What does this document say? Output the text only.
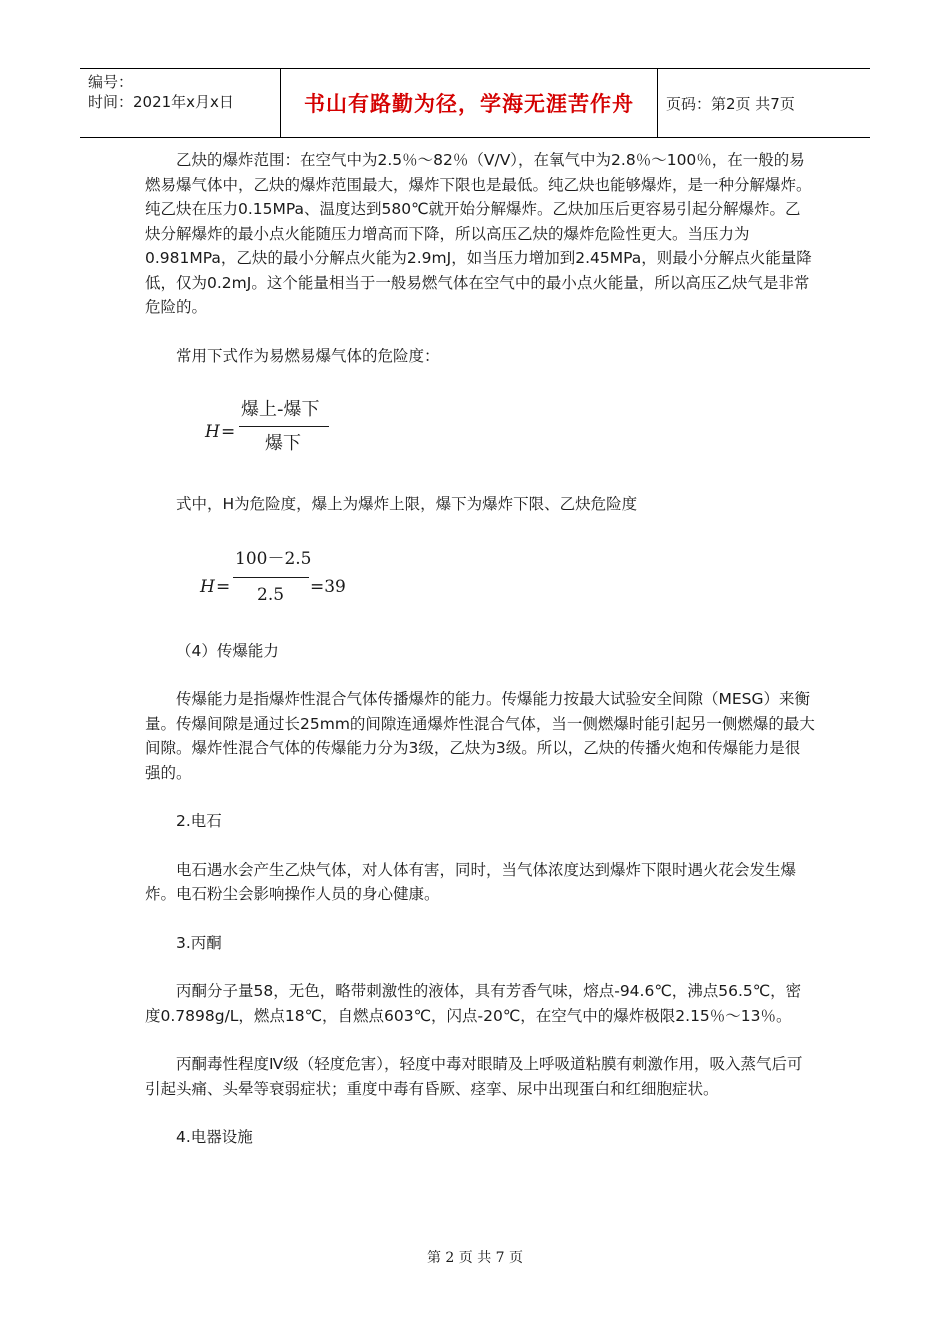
编号：
时间：2021年x月x日	书山有路勤为径，学海无涯苦作舟 页码：第2页 共7页

乙炔的爆炸范围：在空气中为2.5％～82％（V/V），在氧气中为2.8％～100％，在一般的易燃易爆气体中，乙炔的爆炸范围最大，爆炸下限也是最低。纯乙炔也能够爆炸，是一种分解爆炸。纯乙炔在压力0.15MPa、温度达到580℃就开始分解爆炸。乙炔加压后更容易引起分解爆炸。乙炔分解爆炸的最小点火能随压力增高而下降，所以高压乙炔的爆炸危险性更大。当压力为0.981MPa，乙炔的最小分解点火能为2.9mJ，如当压力增加到2.45MPa，则最小分解点火能量降低，仅为0.2mJ。这个能量相当于一般易燃气体在空气中的最小点火能量，所以高压乙炔气是非常危险的。

常用下式作为易燃易爆气体的危险度：

H =
爆上-爆下
爆下

式中，H为危险度，爆上为爆炸上限，爆下为爆炸下限、乙炔危险度

H =
100－2.5
2.5 =39

（4）传爆能力

传爆能力是指爆炸性混合气体传播爆炸的能力。传爆能力按最大试验安全间隙（MESG）来衡量。传爆间隙是通过长25mm的间隙连通爆炸性混合气体，当一侧燃爆时能引起另一侧燃爆的最大间隙。爆炸性混合气体的传爆能力分为3级，乙炔为3级。所以，乙炔的传播火炮和传爆能力是很强的。

2.电石

电石遇水会产生乙炔气体，对人体有害，同时，当气体浓度达到爆炸下限时遇火花会发生爆炸。电石粉尘会影响操作人员的身心健康。

3.丙酮

丙酮分子量58，无色，略带刺激性的液体，具有芳香气味，熔点-94.6℃，沸点56.5℃，密度0.7898g/L，燃点18℃，自燃点603℃，闪点-20℃，在空气中的爆炸极限2.15％～13％。

丙酮毒性程度Ⅳ级（轻度危害），轻度中毒对眼睛及上呼吸道粘膜有刺激作用，吸入蒸气后可引起头痛、头晕等衰弱症状；重度中毒有昏厥、痉挛、尿中出现蛋白和红细胞症状。

4.电器设施

第 2 页 共 7 页
